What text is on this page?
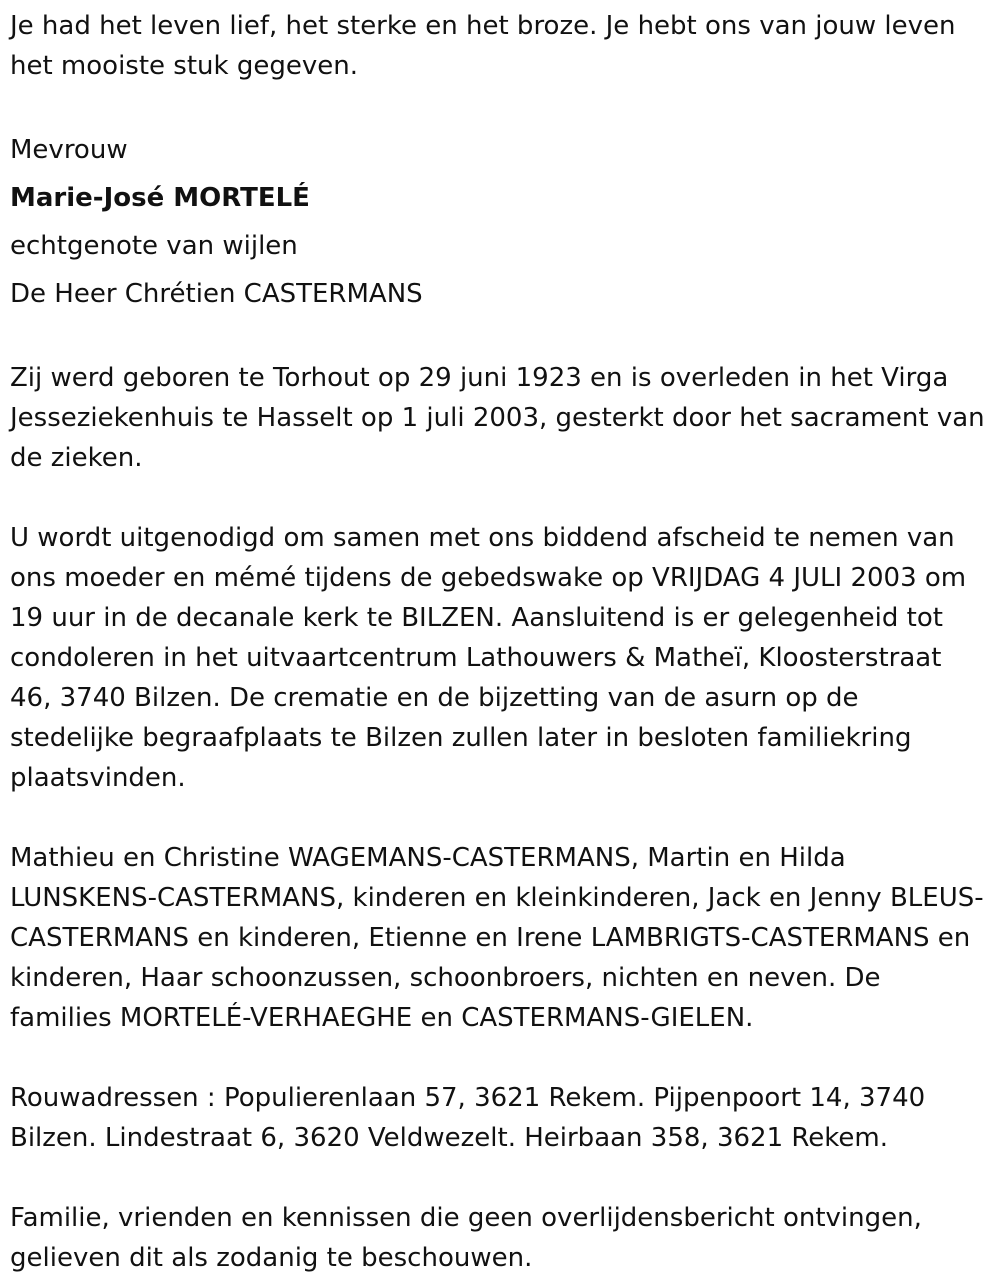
Je had het leven lief, het sterke en het broze. Je hebt ons van jouw leven het mooiste stuk gegeven.

Mevrouw
Marie-José MORTELÉ
echtgenote van wijlen
De Heer Chrétien CASTERMANS

Zij werd geboren te Torhout op 29 juni 1923 en is overleden in het Virga Jesseziekenhuis te Hasselt op 1 juli 2003, gesterkt door het sacrament van de zieken.

U wordt uitgenodigd om samen met ons biddend afscheid te nemen van ons moeder en mémé tijdens de gebedswake op VRIJDAG 4 JULI 2003 om 19 uur in de decanale kerk te BILZEN. Aansluitend is er gelegenheid tot condoleren in het uitvaartcentrum Lathouwers & Matheï, Kloosterstraat 46, 3740 Bilzen. De crematie en de bijzetting van de asurn op de stedelijke begraafplaats te Bilzen zullen later in besloten familiekring plaatsvinden.

Mathieu en Christine WAGEMANS-CASTERMANS, Martin en Hilda LUNSKENS-CASTERMANS, kinderen en kleinkinderen, Jack en Jenny BLEUS-CASTERMANS en kinderen, Etienne en Irene LAMBRIGTS-CASTERMANS en kinderen, Haar schoonzussen, schoonbroers, nichten en neven. De families MORTELÉ-VERHAEGHE en CASTERMANS-GIELEN.

Rouwadressen : Populierenlaan 57, 3621 Rekem. Pijpenpoort 14, 3740 Bilzen. Lindestraat 6, 3620 Veldwezelt. Heirbaan 358, 3621 Rekem.

Familie, vrienden en kennissen die geen overlijdensbericht ontvingen, gelieven dit als zodanig te beschouwen.
